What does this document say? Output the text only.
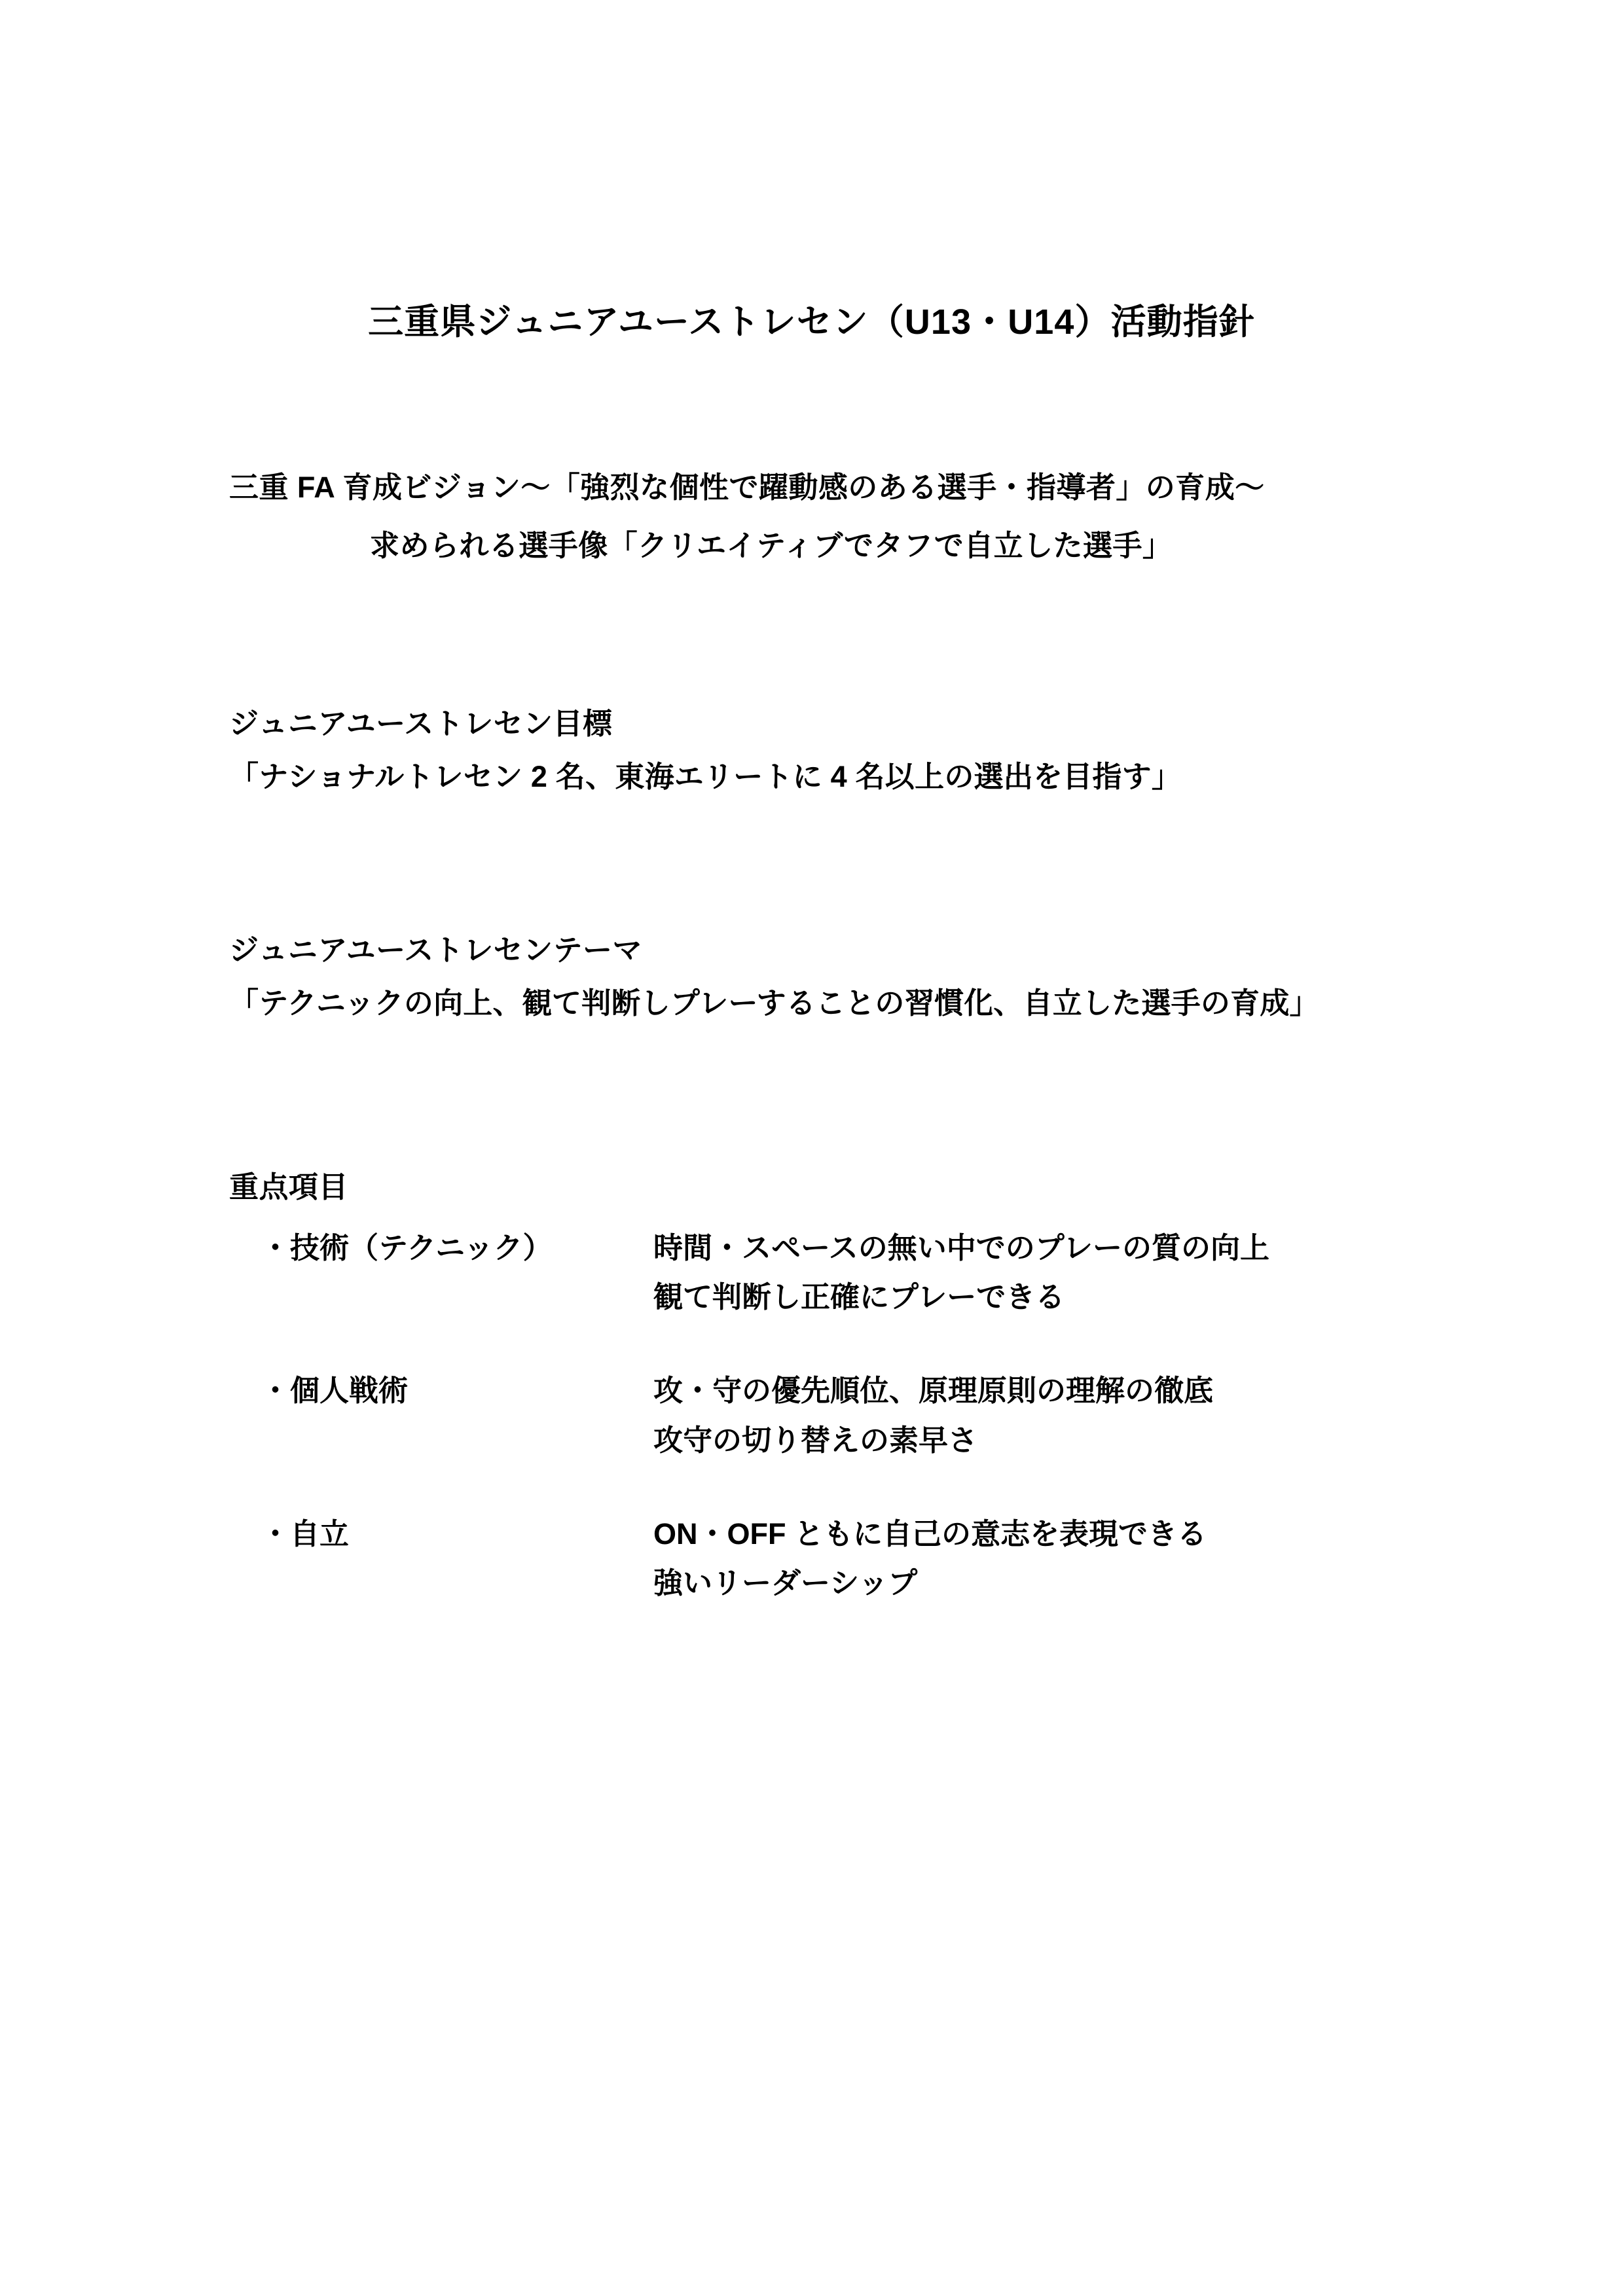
三重県ジュニアユーストレセン（U13・U14）活動指針
三重 FA 育成ビジョン〜「強烈な個性で躍動感のある選手・指導者」の育成〜
求められる選手像「クリエイティブでタフで自立した選手」
ジュニアユーストレセン目標
「ナショナルトレセン 2 名、東海エリートに 4 名以上の選出を目指す」
ジュニアユーストレセンテーマ
「テクニックの向上、観て判断しプレーすることの習慣化、自立した選手の育成」
重点項目
・技術（テクニック）	時間・スペースの無い中でのプレーの質の向上
観て判断し正確にプレーできる
・個人戦術	攻・守の優先順位、原理原則の理解の徹底
攻守の切り替えの素早さ
・自立	ON・OFF ともに自己の意志を表現できる
強いリーダーシップ
